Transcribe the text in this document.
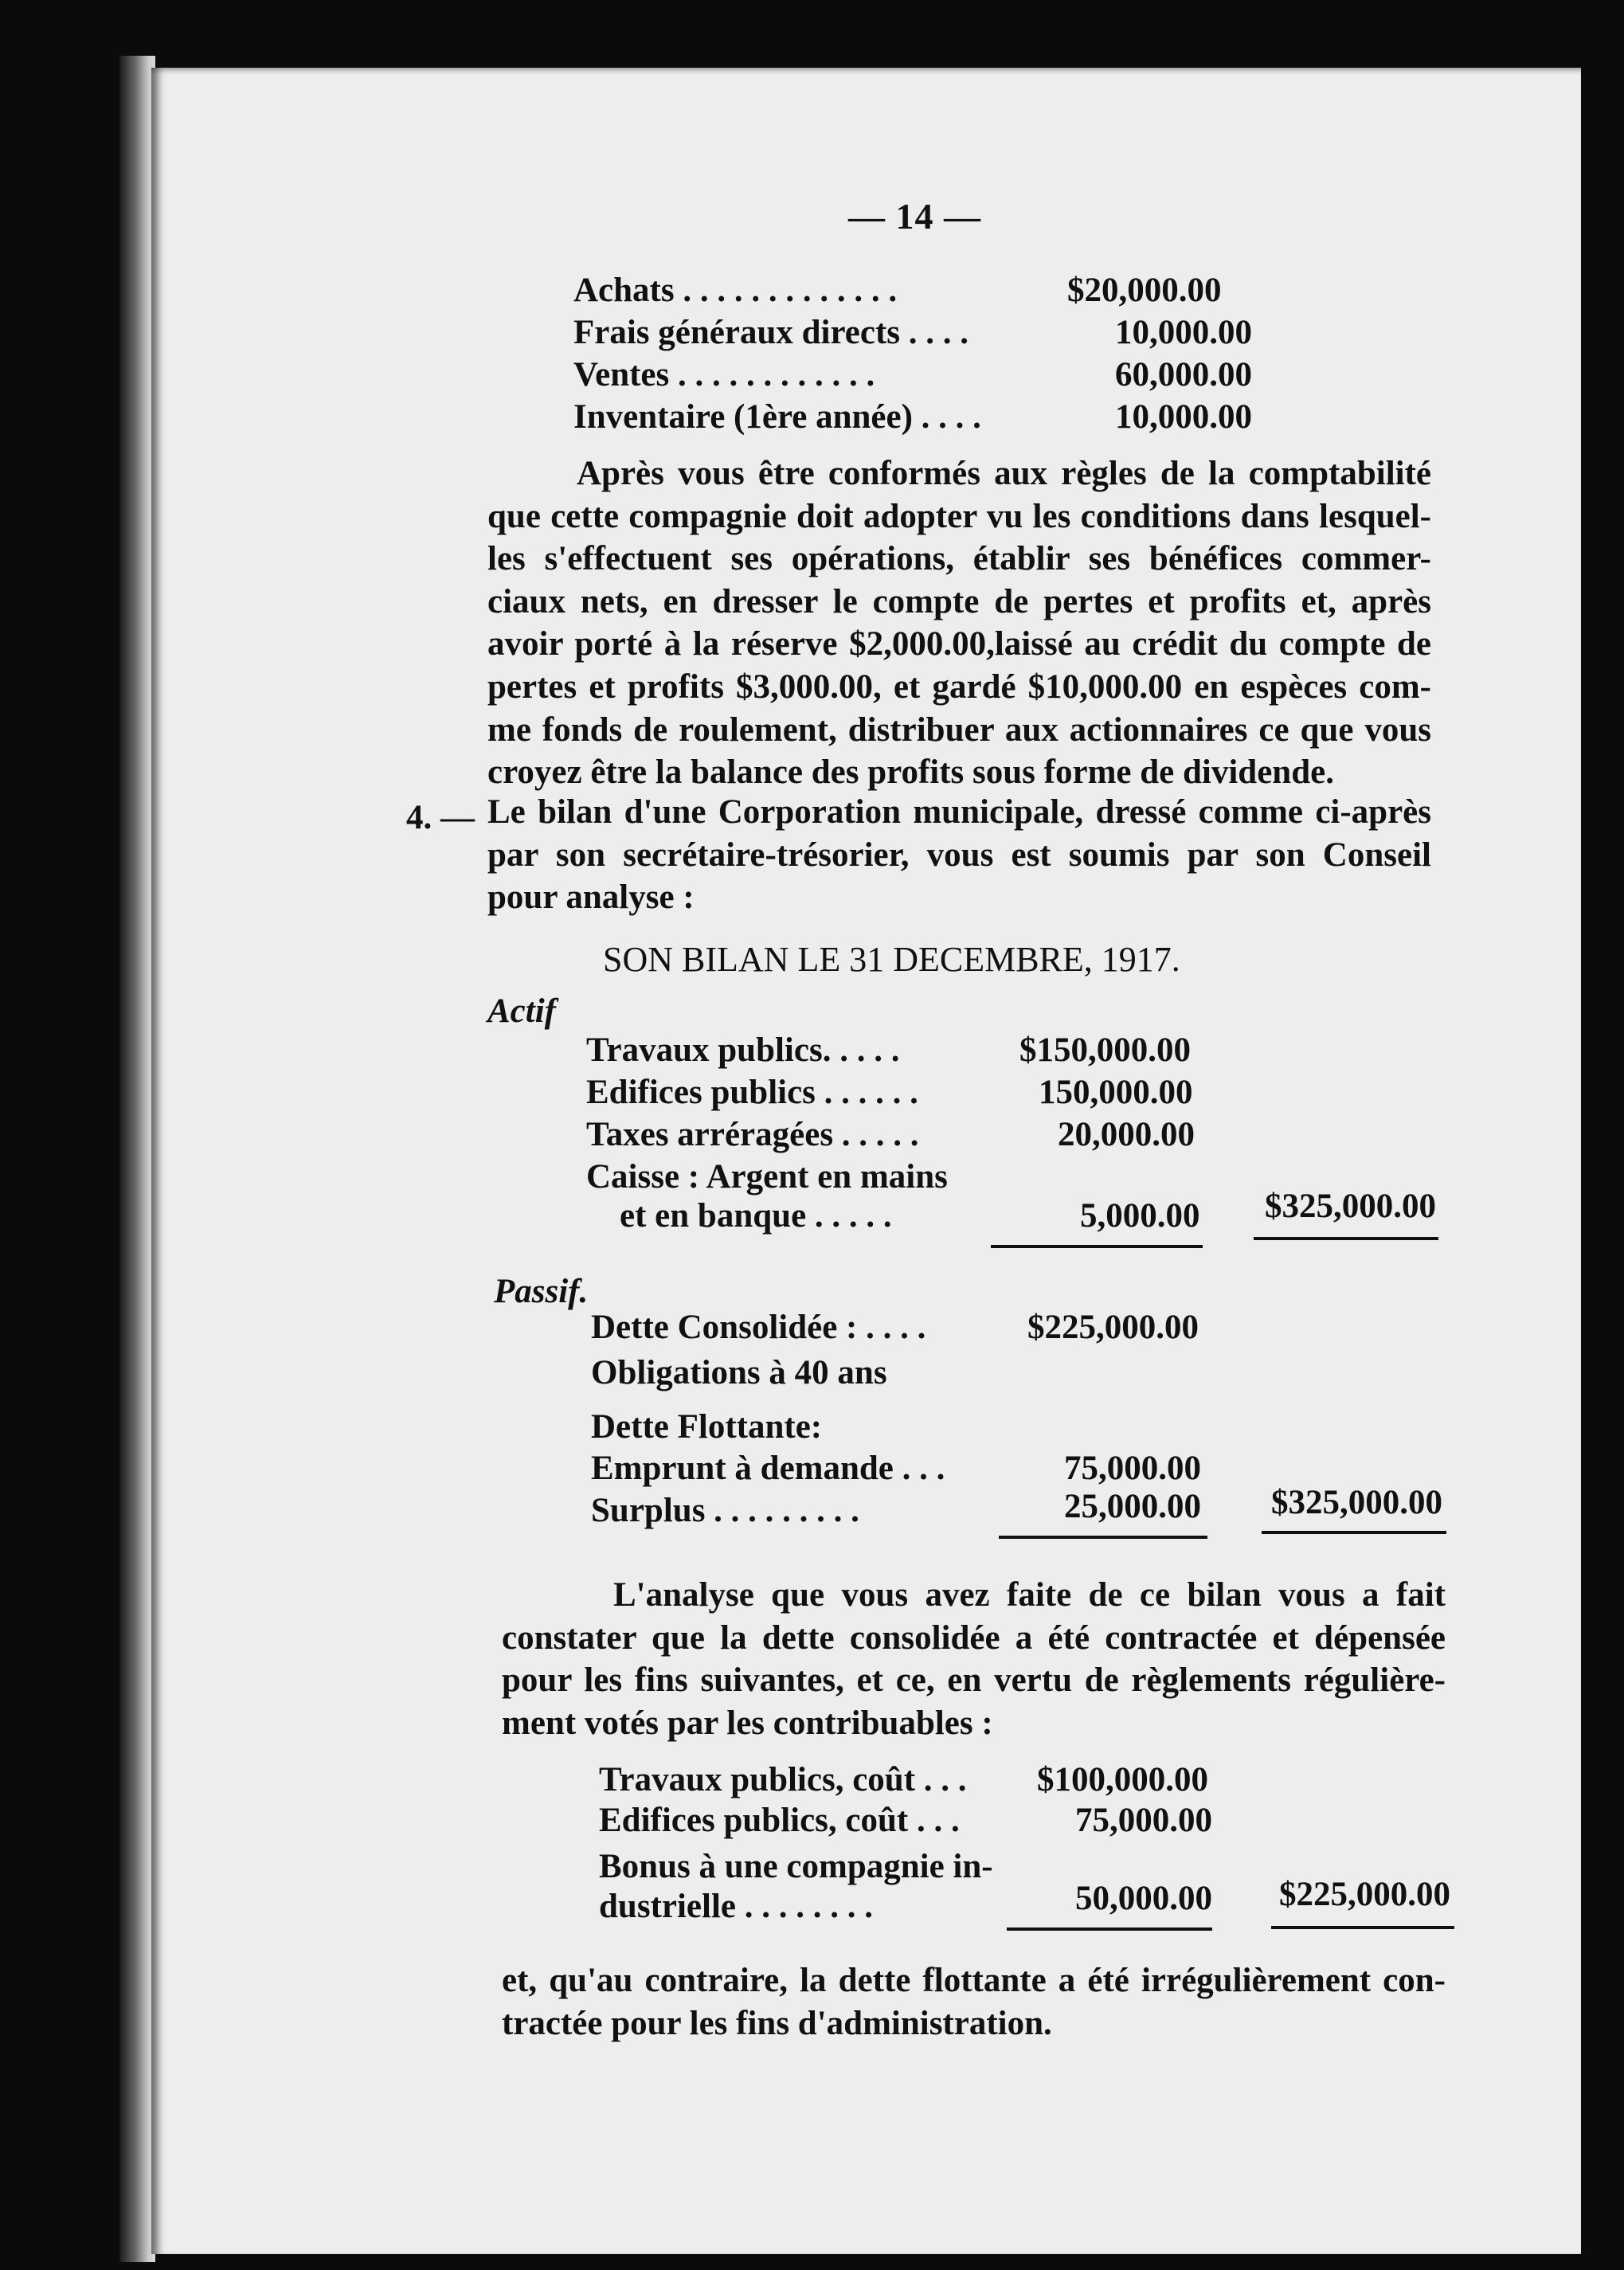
— 14 —
Achats . . . . . . . . . . . . .	$20,000.00
Frais généraux directs . . . .	10,000.00
Ventes . . . . . . . . . . . .	60,000.00
Inventaire (1ère année) . . . .	10,000.00
Après vous être conformés aux règles de la comptabilité
que cette compagnie doit adopter vu les conditions dans lesquel-
les s'effectuent ses opérations, établir ses bénéfices commer-
ciaux nets, en dresser le compte de pertes et profits et, après
avoir porté à la réserve $2,000.00,laissé au crédit du compte de
pertes et profits $3,000.00, et gardé $10,000.00 en espèces com-
me fonds de roulement, distribuer aux actionnaires ce que vous
croyez être la balance des profits sous forme de dividende.
4. — Le bilan d'une Corporation municipale, dressé comme ci-après
par son secrétaire-trésorier, vous est soumis par son Conseil
pour analyse :
SON BILAN LE 31 DECEMBRE, 1917.
Actif
Travaux publics. . . . .	$150,000.00
Edifices publics . . . . . .	150,000.00
Taxes arréragées . . . . .	20,000.00
Caisse : Argent en mains
et en banque . . . . .	5,000.00 $325,000.00
Passif.
Dette Consolidée : . . . .	$225,000.00
Obligations à 40 ans
Dette Flottante:
Emprunt à demande . . .	75,000.00
Surplus . . . . . . . . .	25,000.00 $325,000.00
L'analyse que vous avez faite de ce bilan vous a fait
constater que la dette consolidée a été contractée et dépensée
pour les fins suivantes, et ce, en vertu de règlements régulière-
ment votés par les contribuables :
Travaux publics, coût . . . $100,000.00
Edifices publics, coût . . .	75,000.00
Bonus à une compagnie in-
dustrielle . . . . . . . .	50,000.00 $225,000.00
et, qu'au contraire, la dette flottante a été irrégulièrement con-
tractée pour les fins d'administration.
